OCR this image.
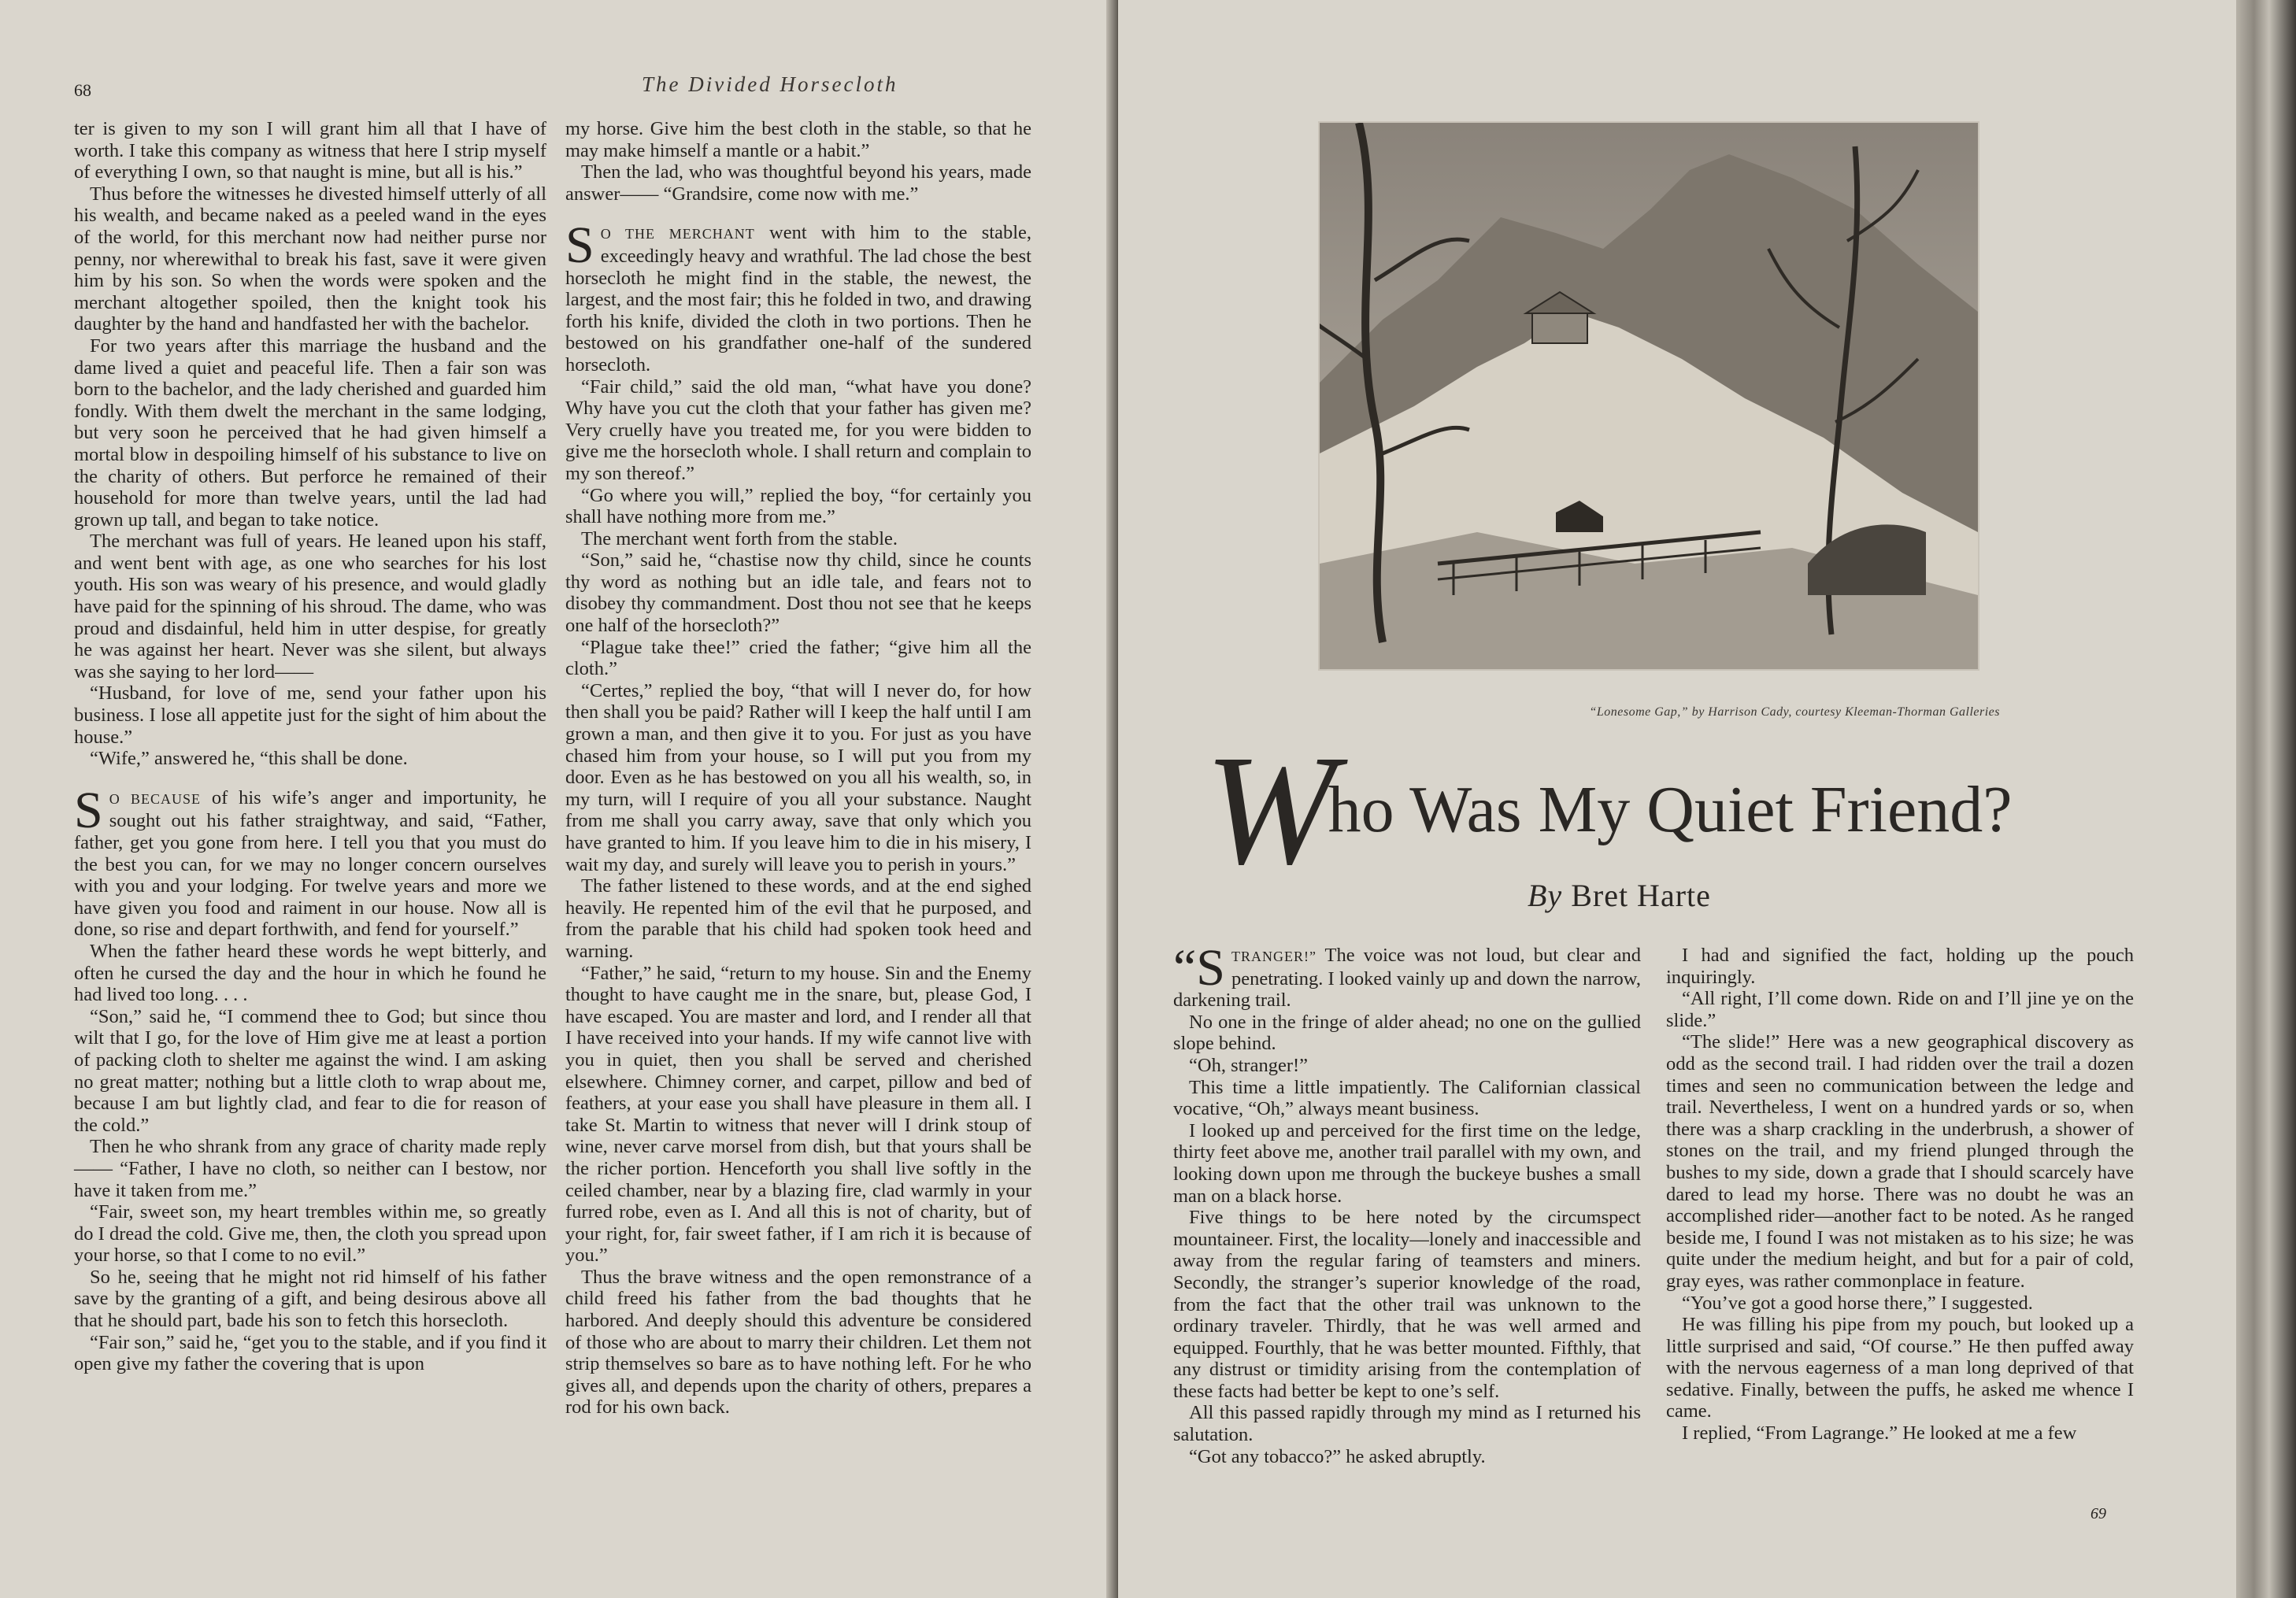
68	The Divided Horsecloth

ter is given to my son I will grant him all that I have of worth. I take this company as witness that here I strip myself of everything I own, so that naught is mine, but all is his.”

Thus before the witnesses he divested himself utterly of all his wealth, and became naked as a peeled wand in the eyes of the world, for this merchant now had neither purse nor penny, nor wherewithal to break his fast, save it were given him by his son. So when the words were spoken and the merchant altogether spoiled, then the knight took his daughter by the hand and handfasted her with the bachelor.

For two years after this marriage the husband and the dame lived a quiet and peaceful life. Then a fair son was born to the bachelor, and the lady cherished and guarded him fondly. With them dwelt the merchant in the same lodging, but very soon he perceived that he had given himself a mortal blow in despoiling himself of his substance to live on the charity of others. But perforce he remained of their household for more than twelve years, until the lad had grown up tall, and began to take notice.

The merchant was full of years. He leaned upon his staff, and went bent with age, as one who searches for his lost youth. His son was weary of his presence, and would gladly have paid for the spinning of his shroud. The dame, who was proud and disdainful, held him in utter despise, for greatly he was against her heart. Never was she silent, but always was she saying to her lord——

“Husband, for love of me, send your father upon his business. I lose all appetite just for the sight of him about the house.”

“Wife,” answered he, “this shall be done.

SO BECAUSE of his wife’s anger and importunity, he sought out his father straightway, and said, “Father, father, get you gone from here. I tell you that you must do the best you can, for we may no longer concern ourselves with you and your lodging. For twelve years and more we have given you food and raiment in our house. Now all is done, so rise and depart forthwith, and fend for yourself.”

When the father heard these words he wept bitterly, and often he cursed the day and the hour in which he found he had lived too long. . . .

“Son,” said he, “I commend thee to God; but since thou wilt that I go, for the love of Him give me at least a portion of packing cloth to shelter me against the wind. I am asking no great matter; nothing but a little cloth to wrap about me, because I am but lightly clad, and fear to die for reason of the cold.”

Then he who shrank from any grace of charity made reply—— “Father, I have no cloth, so neither can I bestow, nor have it taken from me.”

“Fair, sweet son, my heart trembles within me, so greatly do I dread the cold. Give me, then, the cloth you spread upon your horse, so that I come to no evil.”

So he, seeing that he might not rid himself of his father save by the granting of a gift, and being desirous above all that he should part, bade his son to fetch this horsecloth.

“Fair son,” said he, “get you to the stable, and if you find it open give my father the covering that is upon

my horse. Give him the best cloth in the stable, so that he may make himself a mantle or a habit.”

Then the lad, who was thoughtful beyond his years, made answer—— “Grandsire, come now with me.”

SO THE MERCHANT went with him to the stable, exceedingly heavy and wrathful. The lad chose the best horsecloth he might find in the stable, the newest, the largest, and the most fair; this he folded in two, and drawing forth his knife, divided the cloth in two portions. Then he bestowed on his grandfather one-half of the sundered horsecloth.

“Fair child,” said the old man, “what have you done? Why have you cut the cloth that your father has given me? Very cruelly have you treated me, for you were bidden to give me the horsecloth whole. I shall return and complain to my son thereof.”

“Go where you will,” replied the boy, “for certainly you shall have nothing more from me.”

The merchant went forth from the stable.

“Son,” said he, “chastise now thy child, since he counts thy word as nothing but an idle tale, and fears not to disobey thy commandment. Dost thou not see that he keeps one half of the horsecloth?”

“Plague take thee!” cried the father; “give him all the cloth.”

“Certes,” replied the boy, “that will I never do, for how then shall you be paid? Rather will I keep the half until I am grown a man, and then give it to you. For just as you have chased him from your house, so I will put you from my door. Even as he has bestowed on you all his wealth, so, in my turn, will I require of you all your substance. Naught from me shall you carry away, save that only which you have granted to him. If you leave him to die in his misery, I wait my day, and surely will leave you to perish in yours.”

The father listened to these words, and at the end sighed heavily. He repented him of the evil that he purposed, and from the parable that his child had spoken took heed and warning.

“Father,” he said, “return to my house. Sin and the Enemy thought to have caught me in the snare, but, please God, I have escaped. You are master and lord, and I render all that I have received into your hands. If my wife cannot live with you in quiet, then you shall be served and cherished elsewhere. Chimney corner, and carpet, pillow and bed of feathers, at your ease you shall have pleasure in them all. I take St. Martin to witness that never will I drink stoup of wine, never carve morsel from dish, but that yours shall be the richer portion. Henceforth you shall live softly in the ceiled chamber, near by a blazing fire, clad warmly in your furred robe, even as I. And all this is not of charity, but of your right, for, fair sweet father, if I am rich it is because of you.”

Thus the brave witness and the open remonstrance of a child freed his father from the bad thoughts that he harbored. And deeply should this adventure be considered of those who are about to marry their children. Let them not strip themselves so bare as to have nothing left. For he who gives all, and depends upon the charity of others, prepares a rod for his own back.

“Lonesome Gap,” by Harrison Cady, courtesy Kleeman-Thorman Galleries
Who Was My Quiet Friend?
By Bret Harte

“STRANGER!” The voice was not loud, but clear and penetrating. I looked vainly up and down the narrow, darkening trail.

No one in the fringe of alder ahead; no one on the gullied slope behind.

“Oh, stranger!”

This time a little impatiently. The Californian classical vocative, “Oh,” always meant business.

I looked up and perceived for the first time on the ledge, thirty feet above me, another trail parallel with my own, and looking down upon me through the buckeye bushes a small man on a black horse.

Five things to be here noted by the circumspect mountaineer. First, the locality—lonely and inaccessible and away from the regular faring of teamsters and miners. Secondly, the stranger’s superior knowledge of the road, from the fact that the other trail was unknown to the ordinary traveler. Thirdly, that he was well armed and equipped. Fourthly, that he was better mounted. Fifthly, that any distrust or timidity arising from the contemplation of these facts had better be kept to one’s self.

All this passed rapidly through my mind as I returned his salutation.

“Got any tobacco?” he asked abruptly.

I had and signified the fact, holding up the pouch inquiringly.

“All right, I’ll come down. Ride on and I’ll jine ye on the slide.”

“The slide!” Here was a new geographical discovery as odd as the second trail. I had ridden over the trail a dozen times and seen no communication between the ledge and trail. Nevertheless, I went on a hundred yards or so, when there was a sharp crackling in the underbrush, a shower of stones on the trail, and my friend plunged through the bushes to my side, down a grade that I should scarcely have dared to lead my horse. There was no doubt he was an accomplished rider—another fact to be noted. As he ranged beside me, I found I was not mistaken as to his size; he was quite under the medium height, and but for a pair of cold, gray eyes, was rather commonplace in feature.

“You’ve got a good horse there,” I suggested.

He was filling his pipe from my pouch, but looked up a little surprised and said, “Of course.” He then puffed away with the nervous eagerness of a man long deprived of that sedative. Finally, between the puffs, he asked me whence I came.

I replied, “From Lagrange.” He looked at me a few

69
